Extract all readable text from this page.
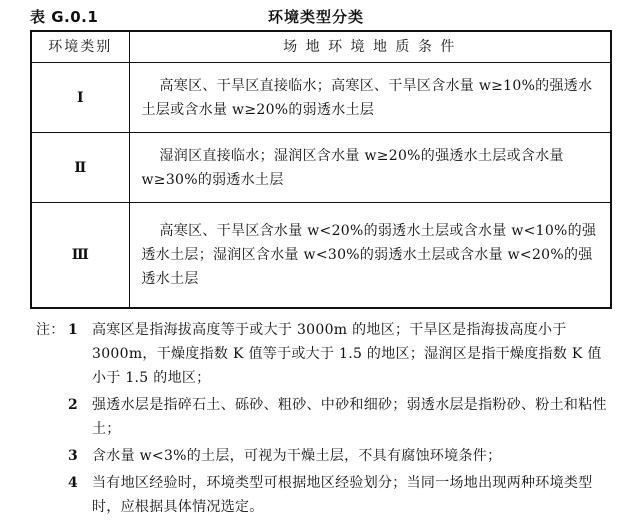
表 G.0.1	环境类型分类
环境类别	场 地 环 境 地 质 条 件
Ⅰ	高寒区、干旱区直接临水；高寒区、干旱区含水量 w≥10%的强透水土层或含水量 w≥20%的弱透水土层
Ⅱ	湿润区直接临水；湿润区含水量 w≥20%的强透水土层或含水量 w≥30%的弱透水土层
Ⅲ	高寒区、干旱区含水量 w<20%的弱透水土层或含水量 w<10%的强透水土层；湿润区含水量 w<30%的弱透水土层或含水量 w<20%的强透水土层
注： 1 高寒区是指海拔高度等于或大于 3000m 的地区；干旱区是指海拔高度小于 3000m，干燥度指数 K 值等于或大于 1.5 的地区；湿润区是指干燥度指数 K 值小于 1.5 的地区；
2 强透水层是指碎石土、砾砂、粗砂、中砂和细砂；弱透水层是指粉砂、粉土和粘性土；
3 含水量 w<3%的土层，可视为干燥土层，不具有腐蚀环境条件；
4 当有地区经验时，环境类型可根据地区经验划分；当同一场地出现两种环境类型时，应根据具体情况选定。
